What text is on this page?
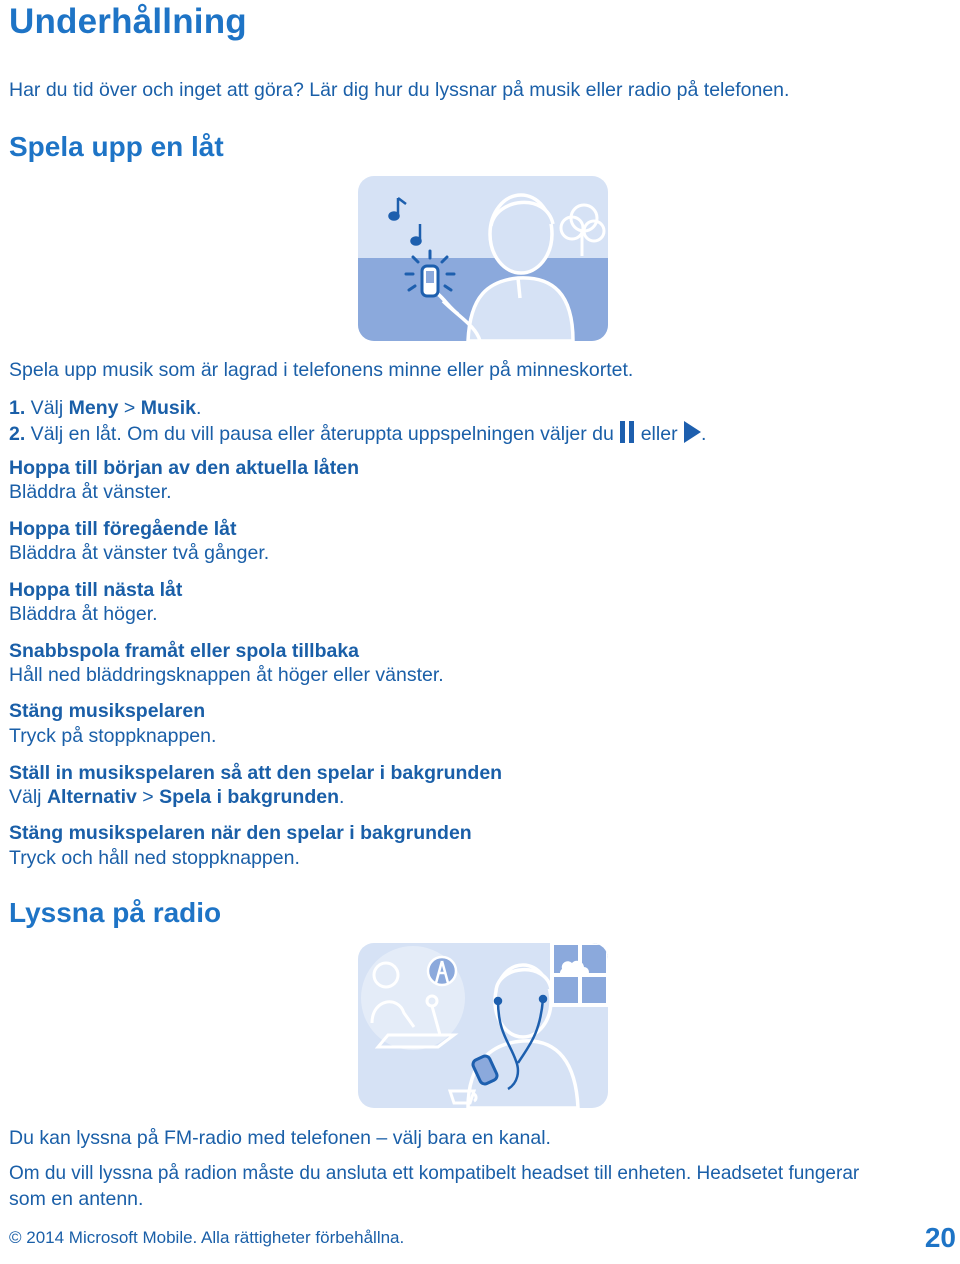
Underhållning
Har du tid över och inget att göra? Lär dig hur du lyssnar på musik eller radio på telefonen.
Spela upp en låt
Spela upp musik som är lagrad i telefonens minne eller på minneskortet.
1. Välj Meny > Musik.
2. Välj en låt. Om du vill pausa eller återuppta uppspelningen väljer du  eller .
Hoppa till början av den aktuella låten
Bläddra åt vänster.
Hoppa till föregående låt
Bläddra åt vänster två gånger.
Hoppa till nästa låt
Bläddra åt höger.
Snabbspola framåt eller spola tillbaka
Håll ned bläddringsknappen åt höger eller vänster.
Stäng musikspelaren
Tryck på stoppknappen.
Ställ in musikspelaren så att den spelar i bakgrunden
Välj Alternativ > Spela i bakgrunden.
Stäng musikspelaren när den spelar i bakgrunden
Tryck och håll ned stoppknappen.
Lyssna på radio
Du kan lyssna på FM-radio med telefonen – välj bara en kanal.
Om du vill lyssna på radion måste du ansluta ett kompatibelt headset till enheten. Headsetet fungerar
som en antenn.
© 2014 Microsoft Mobile. Alla rättigheter förbehållna.	20
